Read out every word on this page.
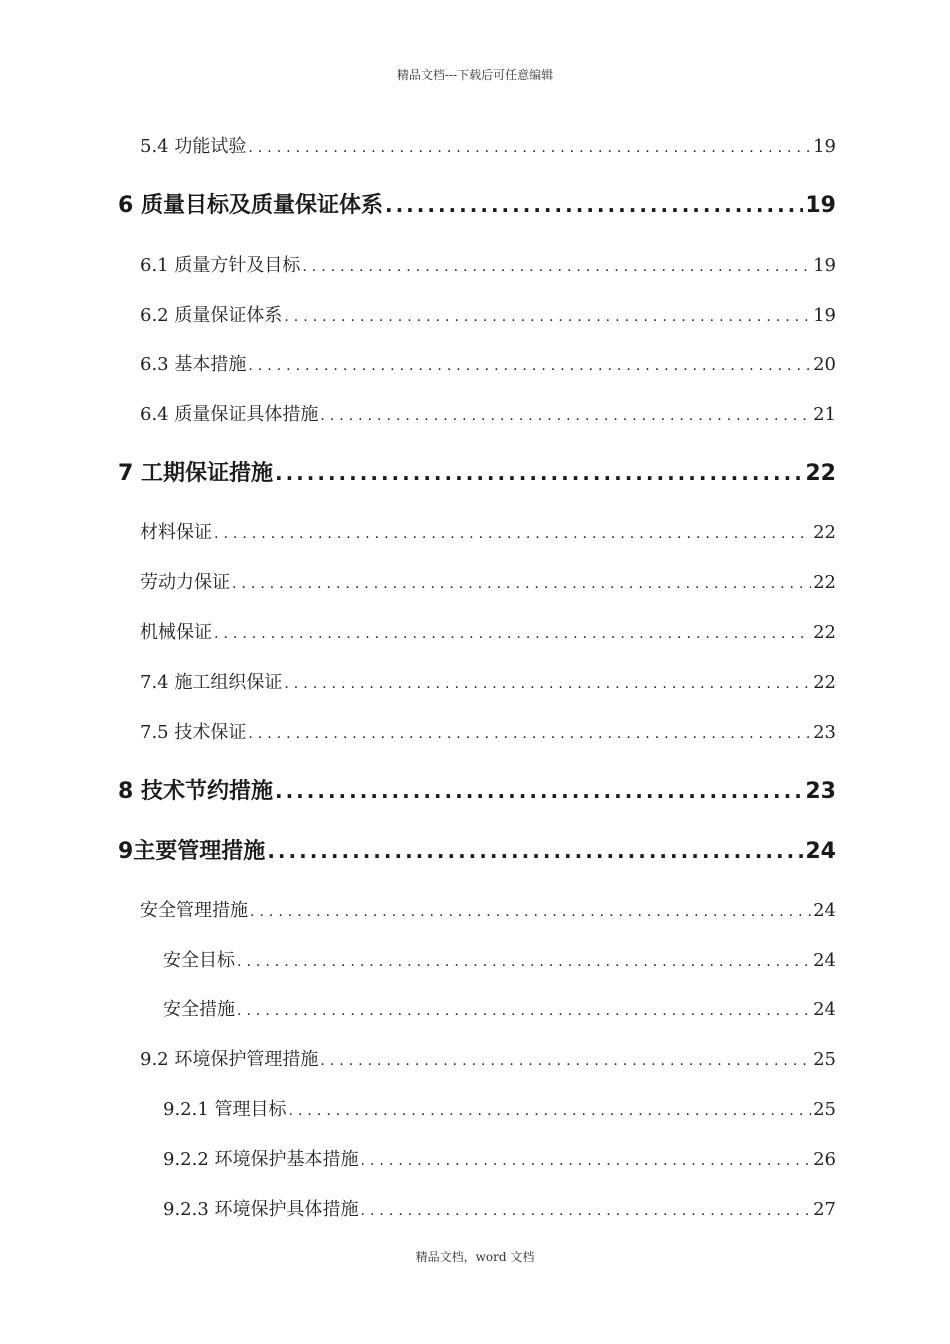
精品文档---下载后可任意编辑
5.4 功能试验 .....	19
6 质量目标及质量保证体系 .....	19
6.1 质量方针及目标 .....	19
6.2 质量保证体系 .....	19
6.3 基本措施 .....	20
6.4 质量保证具体措施 .....	21
7 工期保证措施 .....	22
材料保证 .....	22
劳动力保证 .....	22
机械保证 .....	22
7.4 施工组织保证 .....	22
7.5 技术保证 .....	23
8 技术节约措施 .....	23
9主要管理措施 .....	24
安全管理措施 .....	24
安全目标 .....	24
安全措施 .....	24
9.2 环境保护管理措施 .....	25
9.2.1 管理目标 .....	25
9.2.2 环境保护基本措施 .....	26
9.2.3 环境保护具体措施 .....	27
精品文档，word 文档
